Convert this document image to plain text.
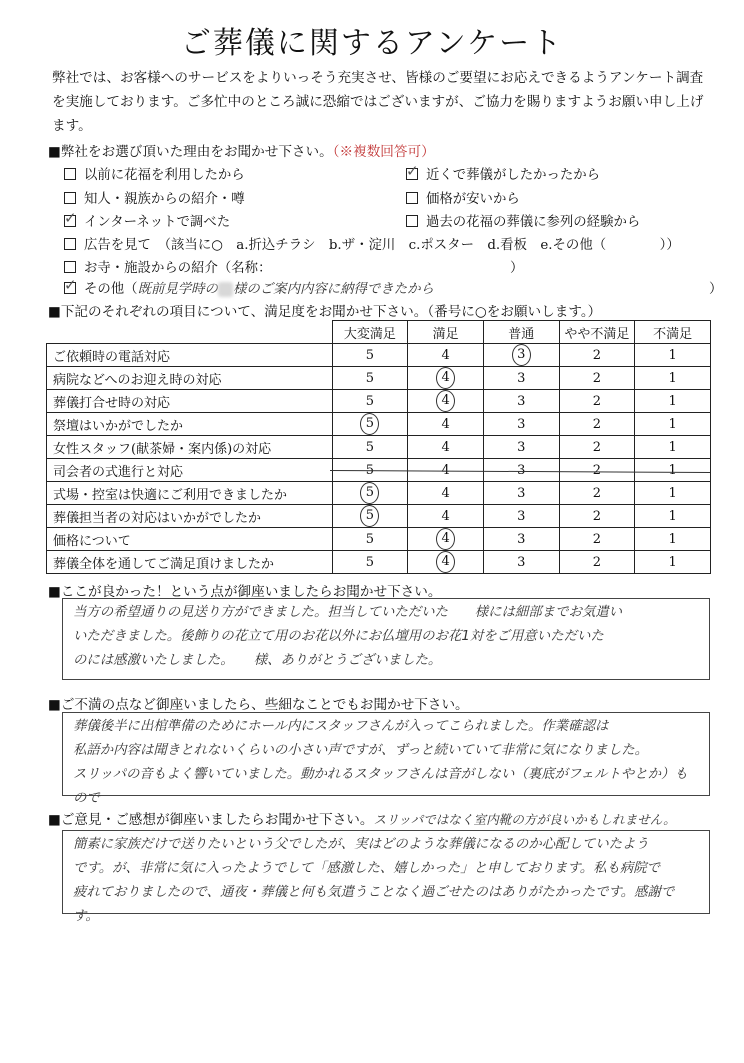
ご葬儀に関するアンケート
弊社では、お客様へのサービスをよりいっそう充実させ、皆様のご要望にお応えできるようアンケート調査を実施しております。ご多忙中のところ誠に恐縮ではございますが、ご協力を賜りますようお願い申し上げます。
■弊社をお選び頂いた理由をお聞かせ下さい。（※複数回答可）
以前に花福を利用したから	✓ 近くで葬儀がしたかったから
知人・親族からの紹介・噂	価格が安いから
✓ インターネットで調べた	過去の花福の葬儀に参列の経験から
広告を見て　（該当に○　a.折込チラシ　b.ザ・淀川　c.ポスター　d.看板　e.その他（　　　　））
お寺・施設からの紹介（名称：	）
✓ その他（既前見学時の 様のご案内内容に納得できたから	）
■下記のそれぞれの項目について、満足度をお聞かせ下さい。（番号に○をお願いします。）
	大変満足	満足	普通	やや不満足	不満足
ご依頼時の電話対応	5	4	3	2	1
病院などへのお迎え時の対応	5	4	3	2	1
葬儀打合せ時の対応	5	4	3	2	1
祭壇はいかがでしたか	5	4	3	2	1
女性スタッフ(献茶婦・案内係)の対応	5	4	3	2	1
司会者の式進行と対応	5	4	3	2	1
式場・控室は快適にご利用できましたか	5	4	3	2	1
葬儀担当者の対応はいかがでしたか	5	4	3	2	1
価格について	5	4	3	2	1
葬儀全体を通してご満足頂けましたか	5	4	3	2	1
■ここが良かった！という点が御座いましたらお聞かせ下さい。
当方の希望通りの見送り方ができました。担当していただいた　　様には細部までお気遣い
いただきました。後飾りの花立て用のお花以外にお仏壇用のお花1対をご用意いただいた
のには感激いたしました。　　様、ありがとうございました。
■ご不満の点など御座いましたら、些細なことでもお聞かせ下さい。
葬儀後半に出棺準備のためにホール内にスタッフさんが入ってこられました。作業確認は
私語か内容は聞きとれないくらいの小さい声ですが、ずっと続いていて非常に気になりました。
スリッパの音もよく響いていました。動かれるスタッフさんは音がしない（裏底がフェルトやとか）もので
■ご意見・ご感想が御座いましたらお聞かせ下さい。スリッパではなく室内靴の方が良いかもしれません。
簡素に家族だけで送りたいという父でしたが、実はどのような葬儀になるのか心配していたよう
です。が、非常に気に入ったようでして「感激した、嬉しかった」と申しております。私も病院で
疲れておりましたので、通夜・葬儀と何も気遣うことなく過ごせたのはありがたかったです。感謝です。
